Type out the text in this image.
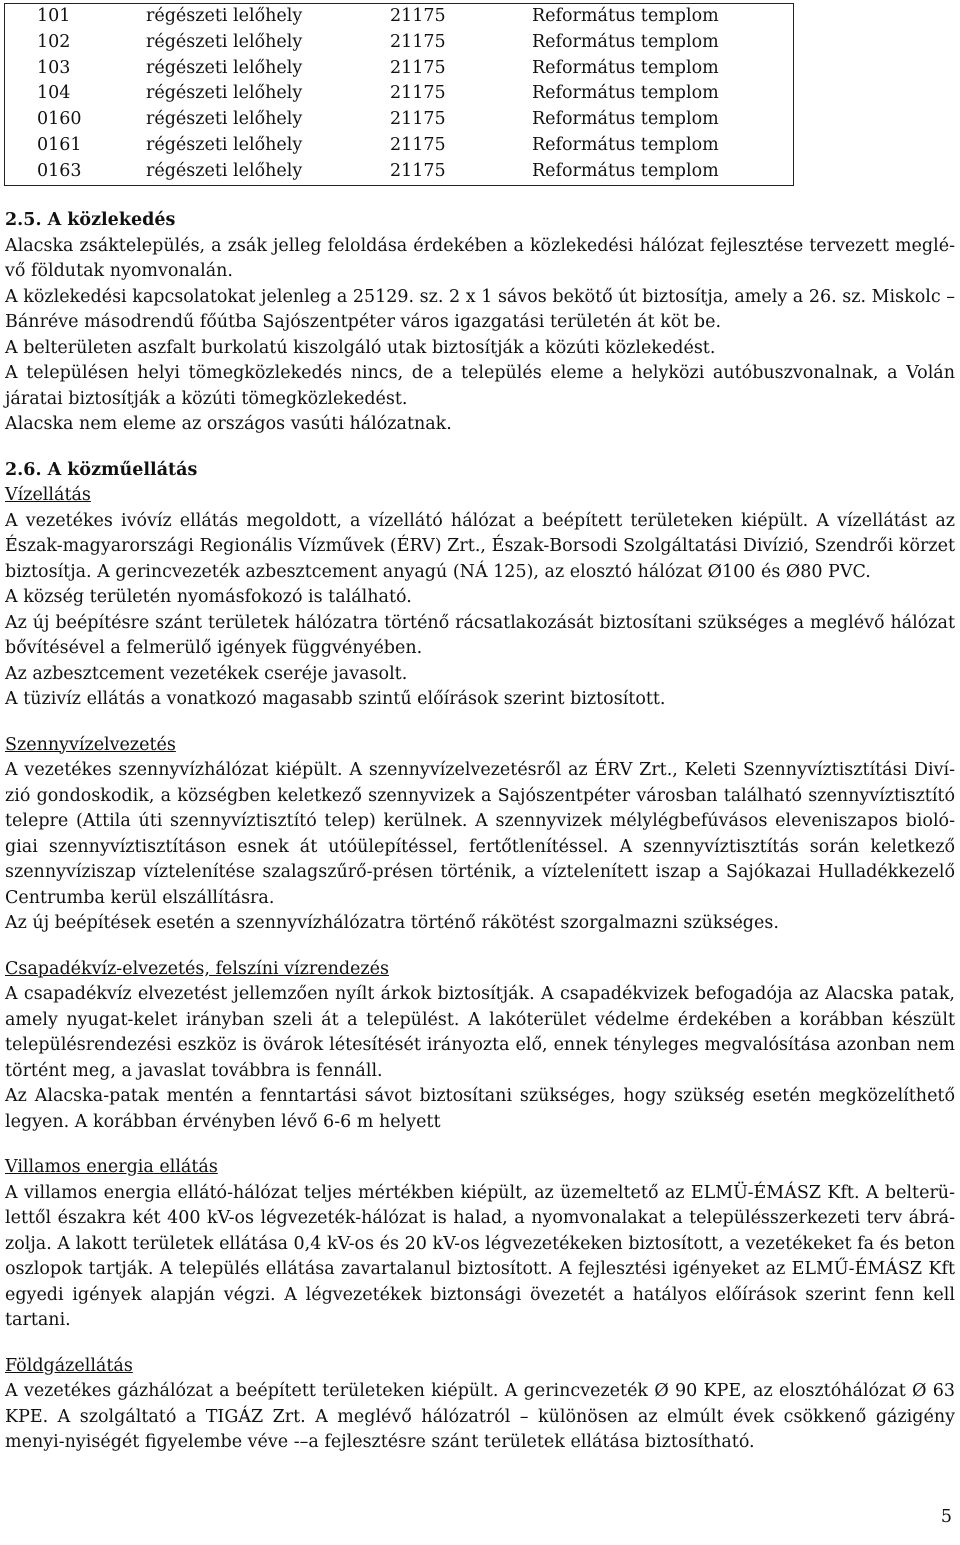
101	régészeti lelőhely	21175	Református templom
102	régészeti lelőhely	21175	Református templom
103	régészeti lelőhely	21175	Református templom
104	régészeti lelőhely	21175	Református templom
0160	régészeti lelőhely	21175	Református templom
0161	régészeti lelőhely	21175	Református templom
0163	régészeti lelőhely	21175	Református templom
2.5. A közlekedés

Alacska zsáktelepülés, a zsák jelleg feloldása érdekében a közlekedési hálózat fejlesztése tervezett meglé-vő földutak nyomvonalán.

A közlekedési kapcsolatokat jelenleg a 25129. sz. 2 x 1 sávos bekötő út biztosítja, amely a 26. sz. Miskolc – Bánréve másodrendű főútba Sajószentpéter város igazgatási területén át köt be.

A belterületen aszfalt burkolatú kiszolgáló utak biztosítják a közúti közlekedést.

A településen helyi tömegközlekedés nincs, de a település eleme a helyközi autóbuszvonalnak, a Volán járatai biztosítják a közúti tömegközlekedést.

Alacska nem eleme az országos vasúti hálózatnak.

2.6. A közműellátás
Vízellátás

A vezetékes ivóvíz ellátás megoldott, a vízellátó hálózat a beépített területeken kiépült. A vízellátást az Észak-magyarországi Regionális Vízművek (ÉRV) Zrt., Észak-Borsodi Szolgáltatási Divízió, Szendrői körzet biztosítja. A gerincvezeték azbesztcement anyagú (NÁ 125), az elosztó hálózat Ø100 és Ø80 PVC.

A község területén nyomásfokozó is található.

Az új beépítésre szánt területek hálózatra történő rácsatlakozását biztosítani szükséges a meglévő hálózat bővítésével a felmerülő igények függvényében.

Az azbesztcement vezetékek cseréje javasolt.

A tüzivíz ellátás a vonatkozó magasabb szintű előírások szerint biztosított.

Szennyvízelvezetés

A vezetékes szennyvízhálózat kiépült. A szennyvízelvezetésről az ÉRV Zrt., Keleti Szennyvíztisztítási Diví-zió gondoskodik, a községben keletkező szennyvizek a Sajószentpéter városban található szennyvíztisztító telepre (Attila úti szennyvíztisztító telep) kerülnek. A szennyvizek mélylégbefúvásos eleveniszapos bioló-giai szennyvíztisztításon esnek át utóülepítéssel, fertőtlenítéssel. A szennyvíztisztítás során keletkező szennyvíziszap víztelenítése szalagszűrő-présen történik, a víztelenített iszap a Sajókazai Hulladékkezelő Centrumba kerül elszállításra.

Az új beépítések esetén a szennyvízhálózatra történő rákötést szorgalmazni szükséges.

Csapadékvíz-elvezetés, felszíni vízrendezés

A csapadékvíz elvezetést jellemzően nyílt árkok biztosítják. A csapadékvizek befogadója az Alacska patak, amely nyugat-kelet irányban szeli át a települést. A lakóterület védelme érdekében a korábban készült településrendezési eszköz is övárok létesítését irányozta elő, ennek tényleges megvalósítása azonban nem történt meg, a javaslat továbbra is fennáll.

Az Alacska-patak mentén a fenntartási sávot biztosítani szükséges, hogy szükség esetén megközelíthető legyen. A korábban érvényben lévő 6-6 m helyett

Villamos energia ellátás

A villamos energia ellátó-hálózat teljes mértékben kiépült, az üzemeltető az ELMÜ-ÉMÁSZ Kft. A belterü-lettől északra két 400 kV-os légvezeték-hálózat is halad, a nyomvonalakat a településszerkezeti terv ábrá-zolja. A lakott területek ellátása 0,4 kV-os és 20 kV-os légvezetékeken biztosított, a vezetékeket fa és beton oszlopok tartják. A település ellátása zavartalanul biztosított. A fejlesztési igényeket az ELMŰ-ÉMÁSZ Kft egyedi igények alapján végzi. A légvezetékek biztonsági övezetét a hatályos előírások szerint fenn kell tartani.

Földgázellátás

A vezetékes gázhálózat a beépített területeken kiépült. A gerincvezeték Ø 90 KPE, az elosztóhálózat Ø 63 KPE. A szolgáltató a TIGÁZ Zrt. A meglévő hálózatról – különösen az elmúlt évek csökkenő gázigény menyi-nyiségét figyelembe véve -–a fejlesztésre szánt területek ellátása biztosítható.

5
